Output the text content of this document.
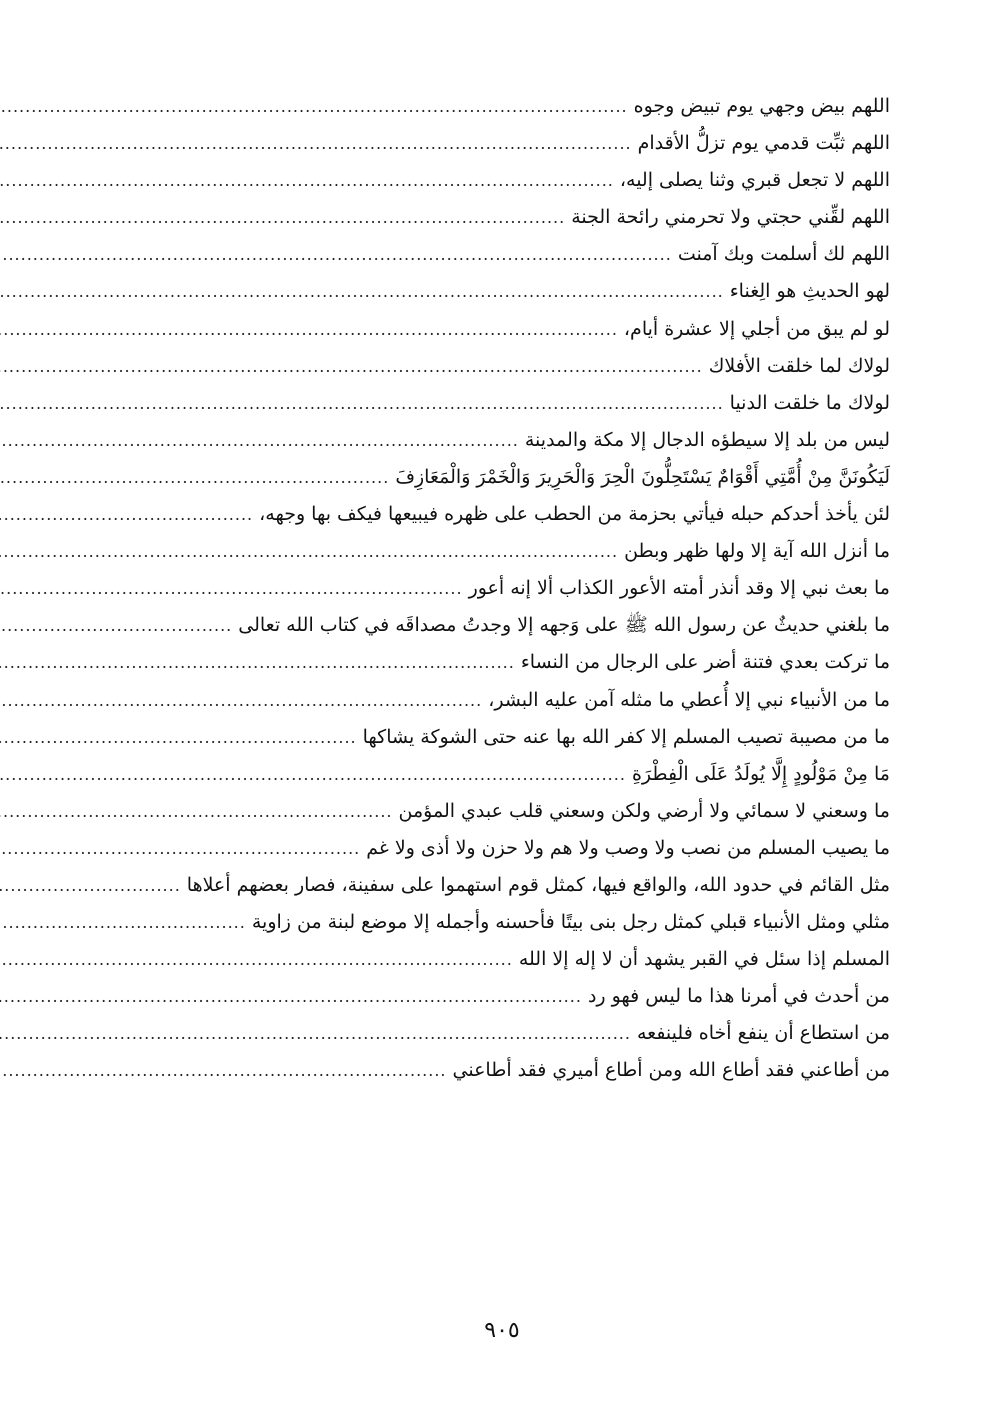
اللهم بيض وجهي يوم تبيض وجوه
.....
اللهم ثبِّت قدمي يوم تزلُّ الأقدام
.....
اللهم لا تجعل قبري وثنا يصلى إليه،
.....
اللهم لقِّني حجتي ولا تحرمني رائحة الجنة
.....
اللهم لك أسلمت وبك آمنت
.....
لهو الحديثِ هو الِغناء
.....
لو لم يبق من أجلي إلا عشرة أيام،
.....
لولاك لما خلقت الأفلاك
.....
لولاك ما خلقت الدنيا
.....
ليس من بلد إلا سيطؤه الدجال إلا مكة والمدينة
.....
لَيَكُونَنَّ مِنْ أُمَّتِي أَقْوَامٌ يَسْتَحِلُّونَ الْحِرَ وَالْحَرِيرَ وَالْخَمْرَ وَالْمَعَازِفَ
.....
لئن يأخذ أحدكم حبله فيأتي بحزمة من الحطب على ظهره فيبيعها فيكف بها وجهه،
.....
ما أنزل الله آية إلا ولها ظهر وبطن
.....
ما بعث نبي إلا وقد أنذر أمته الأعور الكذاب ألا إنه أعور
.....
ما بلغني حديثٌ عن رسول الله ﷺ على وَجهه إلا وجدتُ مصداقَه في كتاب الله تعالى
.....
ما تركت بعدي فتنة أضر على الرجال من النساء
.....
ما من الأنبياء نبي إلا أُعطي ما مثله آمن عليه البشر،
.....
ما من مصيبة تصيب المسلم إلا كفر الله بها عنه حتى الشوكة يشاكها
.....
مَا مِنْ مَوْلُودٍ إِلَّا يُولَدُ عَلَى الْفِطْرَةِ
.....
ما وسعني لا سمائي ولا أرضي ولكن وسعني قلب عبدي المؤمن
.....
ما يصيب المسلم من نصب ولا وصب ولا هم ولا حزن ولا أذى ولا غم
.....
مثل القائم في حدود الله، والواقع فيها، كمثل قوم استهموا على سفينة، فصار بعضهم أعلاها
.....
مثلي ومثل الأنبياء قبلي كمثل رجل بنى بيتًا فأحسنه وأجمله إلا موضع لبنة من زاوية
.....
المسلم إذا سئل في القبر يشهد أن لا إله إلا الله
.....
من أحدث في أمرنا هذا ما ليس فهو رد
.....
من استطاع أن ينفع أخاه فلينفعه
.....
من أطاعني فقد أطاع الله ومن أطاع أميري فقد أطاعني
.....
٩٠٥
